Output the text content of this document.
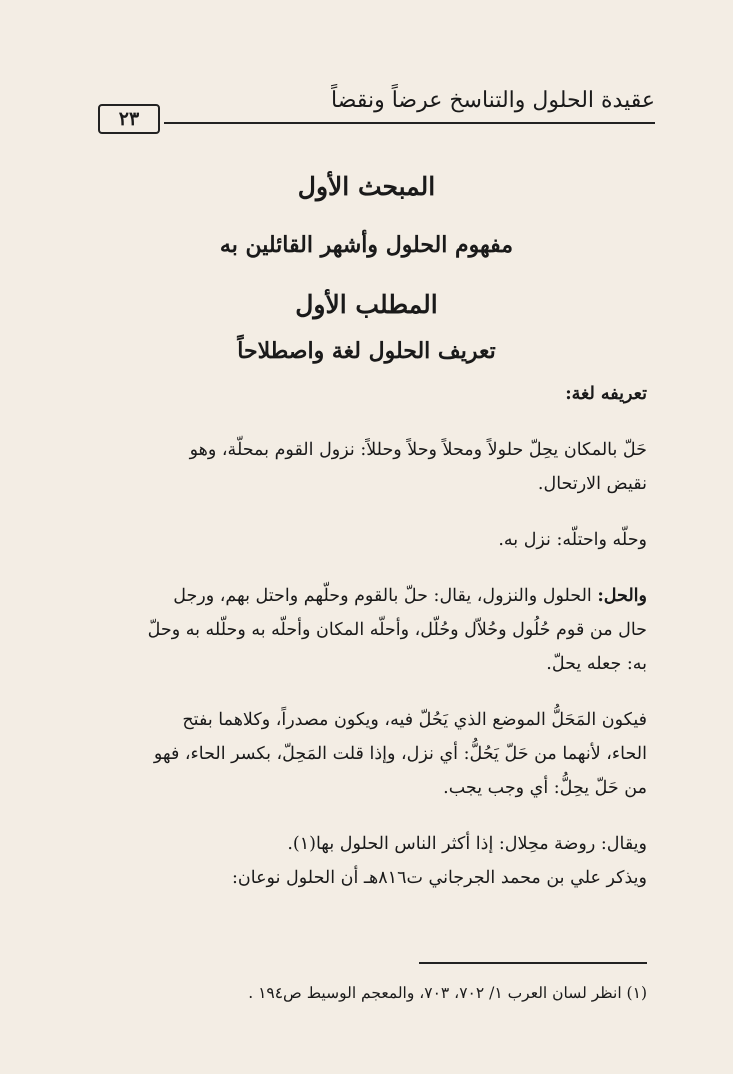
عقيدة الحلول والتناسخ عرضاً ونقضاً
٢٣
المبحث الأول
مفهوم الحلول وأشهر القائلين به
المطلب الأول
تعريف الحلول لغة واصطلاحاً
تعريفه لغة:
حَلّ بالمكان يحِلّ حلولاً ومحلاً وحلاً وحللاً: نزول القوم بمحلّة، وهو
نقيض الارتحال.
وحلّه واحتلّه: نزل به.
والحل: الحلول والنزول، يقال: حلّ بالقوم وحلّهم واحتل بهم، ورجل
حال من قوم حُلُول وحُلاّل وحُلّل، وأحلّه المكان وأحلّه به وحلّله به وحلّ
به: جعله يحلّ.
فيكون المَحَلُّ الموضع الذي يَحُلّ فيه، ويكون مصدراً، وكلاهما بفتح
الحاء، لأنهما من حَلّ يَحُلُّ: أي نزل، وإذا قلت المَحِلّ، بكسر الحاء، فهو
من حَلّ يحِلُّ: أي وجب يجب.
ويقال: روضة محِلال: إذا أكثر الناس الحلول بها(١).
ويذكر علي بن محمد الجرجاني ت٨١٦هـ أن الحلول نوعان:
(١) انظر لسان العرب ١/ ٧٠٢، ٧٠٣، والمعجم الوسيط ص١٩٤ .
